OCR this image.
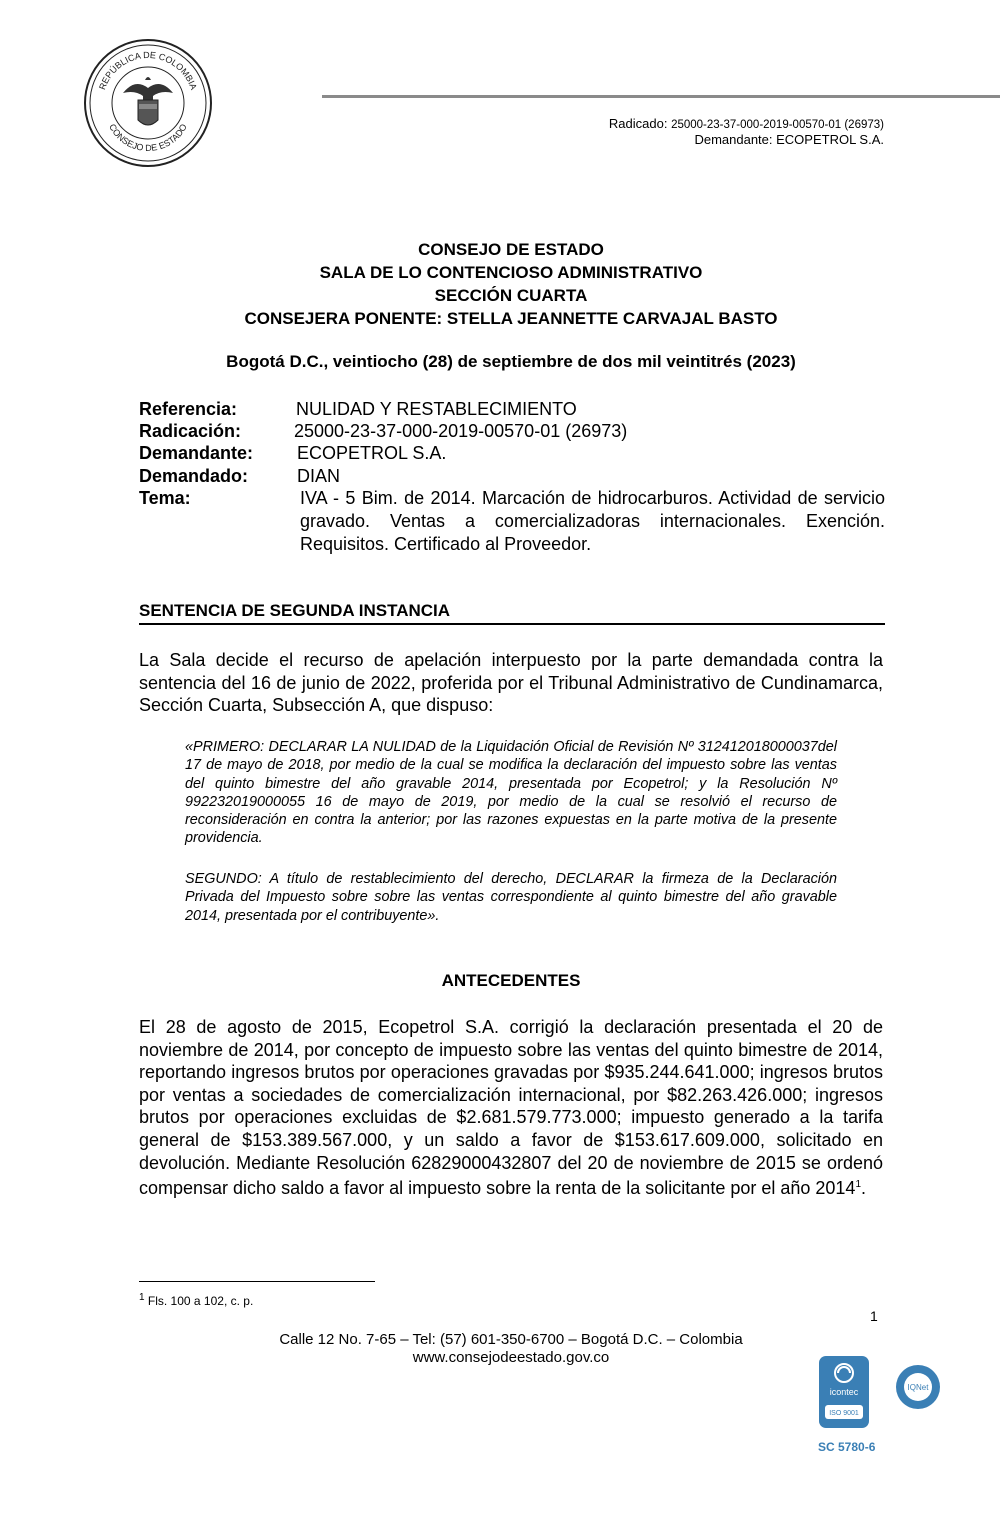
REPÚBLICA DE COLOMBIA
CONSEJO DE ESTADO	Radicado: 25000-23-37-000-2019-00570-01 (26973)
Demandante: ECOPETROL S.A.
CONSEJO DE ESTADO
SALA DE LO CONTENCIOSO ADMINISTRATIVO
SECCIÓN CUARTA
CONSEJERA PONENTE: STELLA JEANNETTE CARVAJAL BASTO
Bogotá D.C., veintiocho (28) de septiembre de dos mil veintitrés (2023)
Referencia:	NULIDAD Y RESTABLECIMIENTO
Radicación:	25000-23-37-000-2019-00570-01 (26973)
Demandante: ECOPETROL S.A.
Demandado:	DIAN
Tema:	IVA - 5 Bim. de 2014. Marcación de hidrocarburos. Actividad de servicio gravado. Ventas a comercializadoras internacionales. Exención. Requisitos. Certificado al Proveedor.
SENTENCIA DE SEGUNDA INSTANCIA
La Sala decide el recurso de apelación interpuesto por la parte demandada contra la sentencia del 16 de junio de 2022, proferida por el Tribunal Administrativo de Cundinamarca, Sección Cuarta, Subsección A, que dispuso:
«PRIMERO: DECLARAR LA NULIDAD de la Liquidación Oficial de Revisión Nº 312412018000037del 17 de mayo de 2018, por medio de la cual se modifica la declaración del impuesto sobre las ventas del quinto bimestre del año gravable 2014, presentada por Ecopetrol; y la Resolución Nº 992232019000055 16 de mayo de 2019, por medio de la cual se resolvió el recurso de reconsideración en contra la anterior; por las razones expuestas en la parte motiva de la presente providencia.
SEGUNDO: A título de restablecimiento del derecho, DECLARAR la firmeza de la Declaración Privada del Impuesto sobre sobre las ventas correspondiente al quinto bimestre del año gravable 2014, presentada por el contribuyente».
ANTECEDENTES
El 28 de agosto de 2015, Ecopetrol S.A. corrigió la declaración presentada el 20 de noviembre de 2014, por concepto de impuesto sobre las ventas del quinto bimestre de 2014, reportando ingresos brutos por operaciones gravadas por $935.244.641.000; ingresos brutos por ventas a sociedades de comercialización internacional, por $82.263.426.000; ingresos brutos por operaciones excluidas de $2.681.579.773.000; impuesto generado a la tarifa general de $153.389.567.000, y un saldo a favor de $153.617.609.000, solicitado en devolución. Mediante Resolución 62829000432807 del 20 de noviembre de 2015 se ordenó compensar dicho saldo a favor al impuesto sobre la renta de la solicitante por el año 2014$^1$.
$^1$ Fls. 100 a 102, c. p.
1
Calle 12 No. 7-65 – Tel: (57) 601-350-6700 – Bogotá D.C. – Colombia
www.consejodeestado.gov.co
icontec
ISO 9001
IQNet
SC 5780-6
